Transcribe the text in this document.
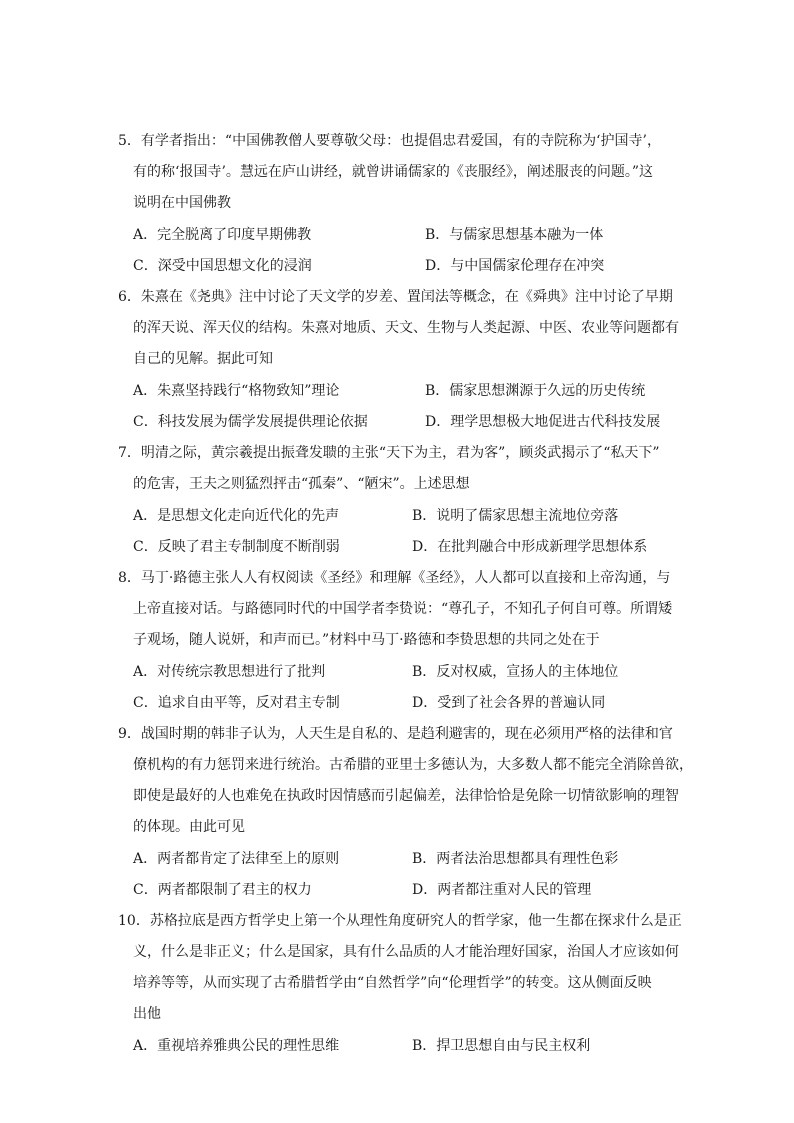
5．有学者指出：“中国佛教僧人要尊敬父母：也提倡忠君爱国，有的寺院称为‘护国寺’，
有的称‘报国寺’。慧远在庐山讲经，就曾讲诵儒家的《丧服经》，阐述服丧的问题。”这
说明在中国佛教
A．完全脱离了印度早期佛教	B．与儒家思想基本融为一体
C．深受中国思想文化的浸润	D．与中国儒家伦理存在冲突
6．朱熹在《尧典》注中讨论了天文学的岁差、置闰法等概念，在《舜典》注中讨论了早期
的浑天说、浑天仪的结构。朱熹对地质、天文、生物与人类起源、中医、农业等问题都有
自己的见解。据此可知
A．朱熹坚持践行“格物致知”理论	B．儒家思想渊源于久远的历史传统
C．科技发展为儒学发展提供理论依据	D．理学思想极大地促进古代科技发展
7．明清之际，黄宗羲提出振聋发聩的主张“天下为主，君为客”，顾炎武揭示了“私天下”
的危害，王夫之则猛烈抨击“孤秦”、“陋宋”。上述思想
A．是思想文化走向近代化的先声	B．说明了儒家思想主流地位旁落
C．反映了君主专制制度不断削弱	D．在批判融合中形成新理学思想体系
8．马丁·路德主张人人有权阅读《圣经》和理解《圣经》，人人都可以直接和上帝沟通，与
上帝直接对话。与路德同时代的中国学者李贽说：“尊孔子，不知孔子何自可尊。所谓矮
子观场，随人说妍，和声而已。”材料中马丁·路德和李贽思想的共同之处在于
A．对传统宗教思想进行了批判	B．反对权威，宣扬人的主体地位
C．追求自由平等，反对君主专制	D．受到了社会各界的普遍认同
9．战国时期的韩非子认为，人天生是自私的、是趋利避害的，现在必须用严格的法律和官
僚机构的有力惩罚来进行统治。古希腊的亚里士多德认为，大多数人都不能完全消除兽欲，
即使是最好的人也难免在执政时因情感而引起偏差，法律恰恰是免除一切情欲影响的理智
的体现。由此可见
A．两者都肯定了法律至上的原则	B．两者法治思想都具有理性色彩
C．两者都限制了君主的权力	D．两者都注重对人民的管理
10．苏格拉底是西方哲学史上第一个从理性角度研究人的哲学家，他一生都在探求什么是正
义，什么是非正义；什么是国家，具有什么品质的人才能治理好国家，治国人才应该如何
培养等等，从而实现了古希腊哲学由“自然哲学”向“伦理哲学”的转变。这从侧面反映
出他
A．重视培养雅典公民的理性思维	B．捍卫思想自由与民主权利
